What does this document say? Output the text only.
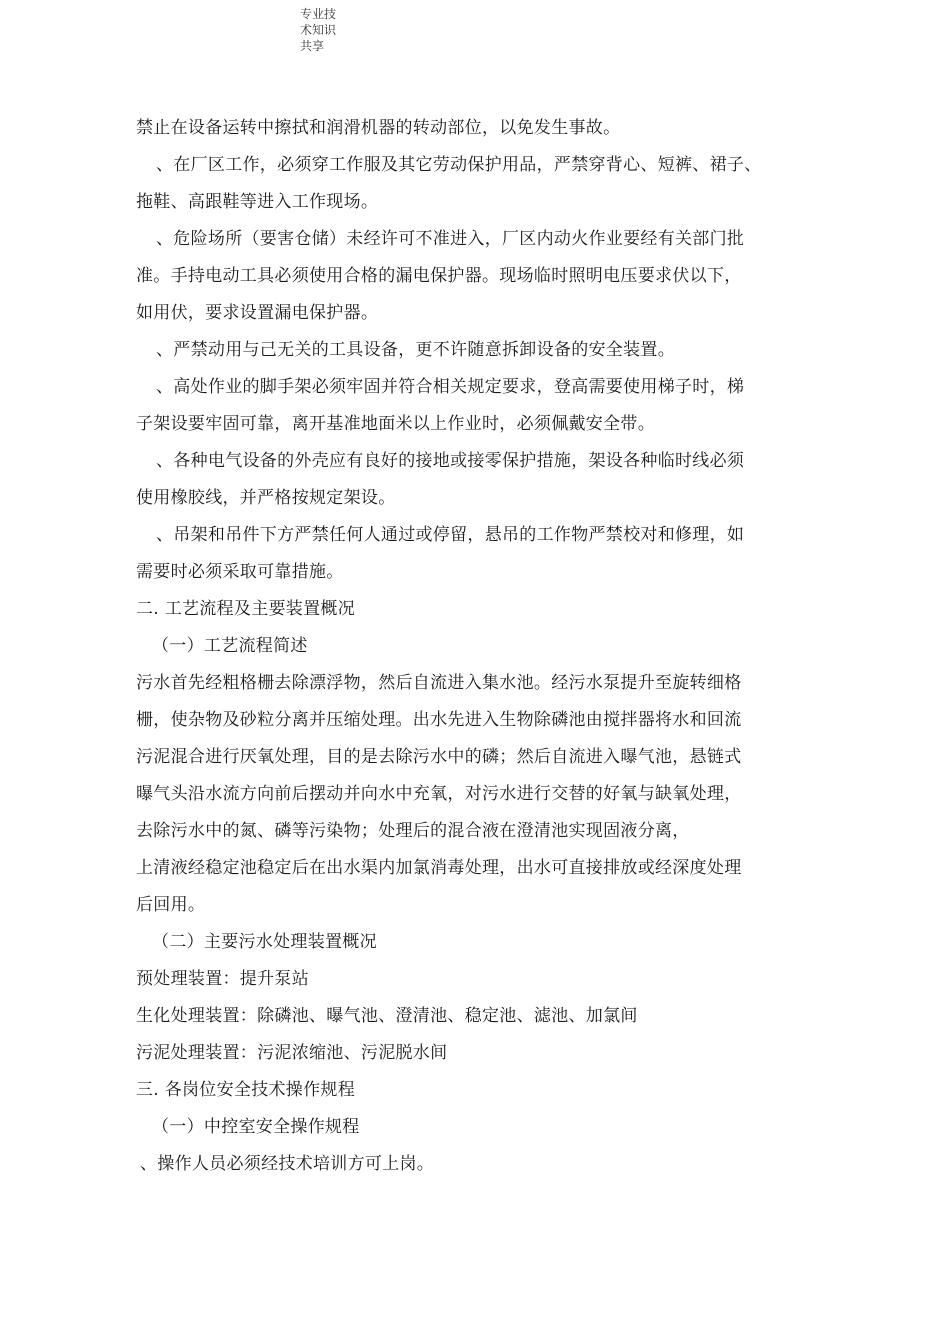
专业技
术知识
共享
禁止在设备运转中擦拭和润滑机器的转动部位，以免发生事故。
、在厂区工作，必须穿工作服及其它劳动保护用品，严禁穿背心、短裤、裙子、
拖鞋、高跟鞋等进入工作现场。
、危险场所（要害仓储）未经许可不准进入，厂区内动火作业要经有关部门批
准。手持电动工具必须使用合格的漏电保护器。现场临时照明电压要求伏以下，
如用伏，要求设置漏电保护器。
、严禁动用与己无关的工具设备，更不许随意拆卸设备的安全装置。
、高处作业的脚手架必须牢固并符合相关规定要求，登高需要使用梯子时，梯
子架设要牢固可靠，离开基准地面米以上作业时，必须佩戴安全带。
、各种电气设备的外壳应有良好的接地或接零保护措施，架设各种临时线必须
使用橡胶线，并严格按规定架设。
、吊架和吊件下方严禁任何人通过或停留，悬吊的工作物严禁校对和修理，如
需要时必须采取可靠措施。
二. 工艺流程及主要装置概况
（一）工艺流程简述
污水首先经粗格栅去除漂浮物，然后自流进入集水池。经污水泵提升至旋转细格
栅，使杂物及砂粒分离并压缩处理。出水先进入生物除磷池由搅拌器将水和回流
污泥混合进行厌氧处理，目的是去除污水中的磷；然后自流进入曝气池，悬链式
曝气头沿水流方向前后摆动并向水中充氧，对污水进行交替的好氧与缺氧处理，
去除污水中的氮、磷等污染物；处理后的混合液在澄清池实现固液分离，
上清液经稳定池稳定后在出水渠内加氯消毒处理，出水可直接排放或经深度处理
后回用。
（二）主要污水处理装置概况
预处理装置：提升泵站
生化处理装置：除磷池、曝气池、澄清池、稳定池、滤池、加氯间
污泥处理装置：污泥浓缩池、污泥脱水间
三. 各岗位安全技术操作规程
（一）中控室安全操作规程
、操作人员必须经技术培训方可上岗。
